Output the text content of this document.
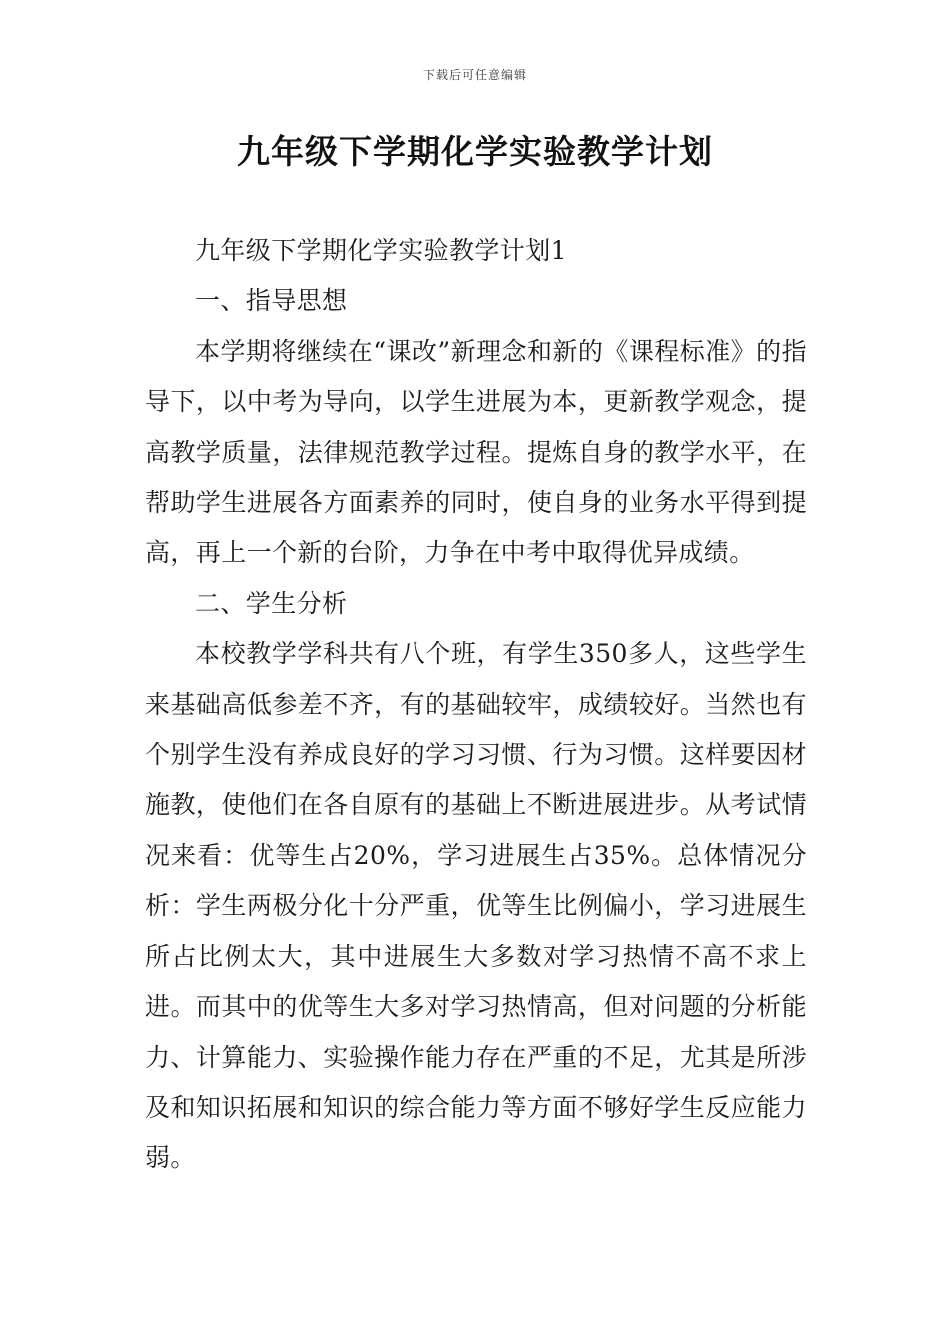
下载后可任意编辑
九年级下学期化学实验教学计划

九年级下学期化学实验教学计划1

一、指导思想

本学期将继续在“课改”新理念和新的《课程标准》的指导下，以中考为导向，以学生进展为本，更新教学观念，提高教学质量，法律规范教学过程。提炼自身的教学水平，在帮助学生进展各方面素养的同时，使自身的业务水平得到提高，再上一个新的台阶，力争在中考中取得优异成绩。

二、学生分析

本校教学学科共有八个班，有学生350多人，这些学生来基础高低参差不齐，有的基础较牢，成绩较好。当然也有个别学生没有养成良好的学习习惯、行为习惯。这样要因材施教，使他们在各自原有的基础上不断进展进步。从考试情况来看：优等生占20%，学习进展生占35%。总体情况分析：学生两极分化十分严重，优等生比例偏小，学习进展生所占比例太大，其中进展生大多数对学习热情不高不求上进。而其中的优等生大多对学习热情高，但对问题的分析能力、计算能力、实验操作能力存在严重的不足，尤其是所涉及和知识拓展和知识的综合能力等方面不够好学生反应能力弱。
